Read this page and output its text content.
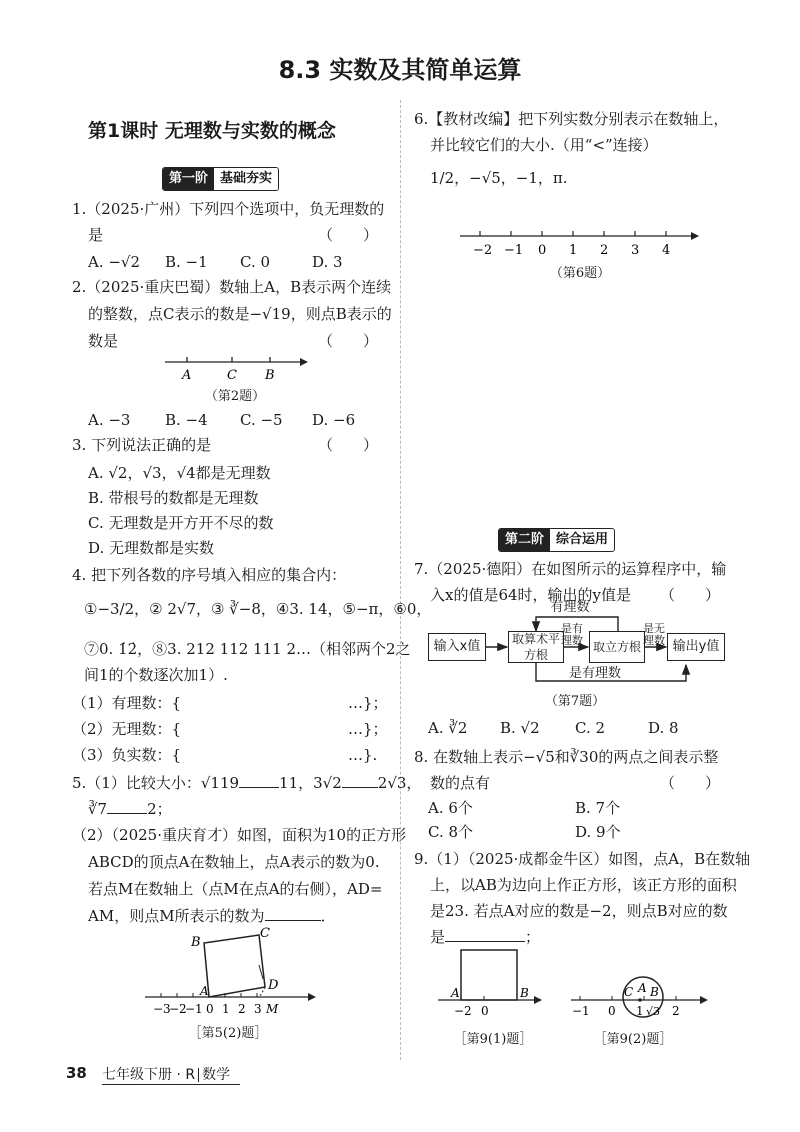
8.3 实数及其简单运算
第1课时 无理数与实数的概念
第一阶 基础夯实
1.（2025·广州）下列四个选项中，负无理数的
是	（　　）
A. −√2 B. −1 C. 0	D. 3
2.（2025·重庆巴蜀）数轴上A，B表示两个连续
的整数，点C表示的数是−√19，则点B表示的
数是	（　　）
A	C B
（第2题）
A. −3 B. −4 C. −5 D. −6
3. 下列说法正确的是	（　　）
A. √2，√3，√4都是无理数
B. 带根号的数都是无理数
C. 无理数是开方开不尽的数
D. 无理数都是实数
4. 把下列各数的序号填入相应的集合内：
①−3/2，② 2√7，③ ∛−8，④3. 14，⑤−π，⑥0，
⑦0. 1̇2̇，⑧3. 212 112 111 2…（相邻两个2之
间1的个数逐次加1）.
（1）有理数：{	…}；
（2）无理数：{	…}；
（3）负实数：{	…}.
5.（1）比较大小：√119	11，3√2 2√3，
∛7	2；
（2）（2025·重庆育才）如图，面积为10的正方形
ABCD的顶点A在数轴上，点A表示的数为0.
若点M在数轴上（点M在点A的右侧），AD=
AM，则点M所表示的数为	．
B
C
A	D
M
−3
−2
−1 0 1 2 3
［第5(2)题］
6.【教材改编】把下列实数分别表示在数轴上，
并比较它们的大小.（用“<”连接）
1/2，−√5，−1，π.
−2 −1 0 1 2 3 4
（第6题）
第二阶 综合运用
7.（2025·德阳）在如图所示的运算程序中，输
入x的值是64时，输出的y值是 （　　）
输入x值	取算术平方根
取立方根	输出y值
有理数
是有理数
是无理数
是有理数
（第7题）
A. ∛2 B. √2 C. 2	D. 8
8. 在数轴上表示−√5和∛30的两点之间表示整
数的点有	（　　）
A. 6个	B. 7个
C. 8个	D. 9个
9.（1）（2025·成都金牛区）如图，点A，B在数轴
上，以AB为边向上作正方形，该正方形的面积
是23. 若点A对应的数是−2，则点B对应的数
是	；
A	B
−2 0
［第9(1)题］
C A B
−1 0 1 √3 2
［第9(2)题］
38 七年级下册 · R 数学
